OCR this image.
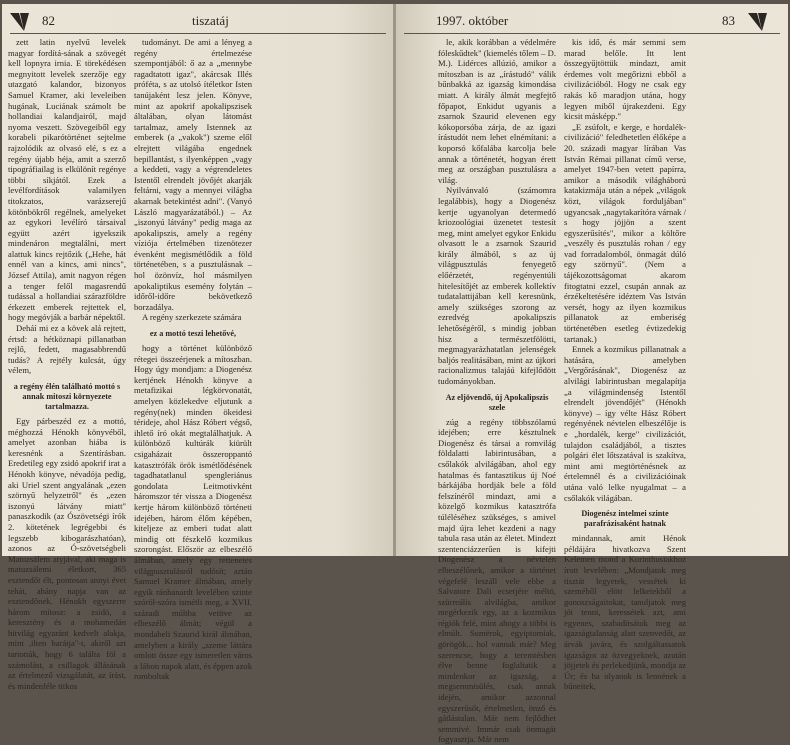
82	tiszatáj

zett latin nyelvű levelek magyar fordítá-sának a szövegét kell lopnyra irnia. E törekédésen megnyitott levelek szerzője egy utazgató kalandor, bizonyos Samuel Kramer, aki leveleiben hugának, Luciának számolt be hollandiai kalandjairól, majd nyoma veszett. Szövegeiből egy korabeli pikarótörténet sejtelme rajzolódik az olvasó elé, s ez a regény újabb héja, amit a szerző tipográfiailag is elkülönít regénye többi síkjától. Ezek a levélfordítások valamilyen titokzatos, varázserejű kötönbökről regélnek, amelyeket az egykori levélíró társaival együtt azért igyekszik mindenáron megtalálni, mert alattuk kincs rejtőzik („Hehe, hát ennél van a kincs, ami nincs", József Attila), amit nagyon régen a tenger felől magasrendű tudással a hollandiai szárazföldre érkezett emberek rejtettek el, hogy megóvják a barbár népektől.

Deháí mi ez a kövek alá rejtett, értsd: a hétköznapi pillanatban rejlő, fedett, magasabbrendű tudás? A rejtély kulcsát, úgy vélem,

a regény élén található mottó s annak mitoszi környezete tartalmazza.

Egy párbeszéd ez a mottó, méghozzá Hénokh könyvéből, amelyet azonban hiába is keresnénk a Szentírásban. Eredetileg egy zsidó apokrif irat a Hénokh könyve, névadója pedig, aki Uriel szent angyalának „ezen szörnyű helyzetről" és „ezen iszonyú látvány miatt" panaszkodik (az Ószövetségi írók 2. kötetének legrégebbi és legszebb kibogarászhatóan), azonos az Ó-szövetségbeli Matuzsálem atyjával, aki maga is matuzsálemi életkort, 365 esztendőt élt, pontosan annyi évet tehát, ahány napja van az esztendőnek. Hénokh egyszerre három mítosz: a zsidó, a keresztény és a mohamedán hitvilág egyaránt kedvelt alakja, mint ,ilten barátja"-t, akiről azt tartották, hogy 6 találta föl a számolást, a csillagok állásának az értelmező vizsgálatát, az írást, és mindenféle titkos

tudományt. De ami a lényeg a regény értelmezése szempontjából: ő az a „mennybe ragadtatott igaz", akárcsak Illés próféta, s az utolsó ítéletkor Isten tanújaként lesz jelen. Könyve, mint az apokrif apokalipszisek általában, olyan látomást tartalmaz, amely Istennek az emberek (a „vakok") szeme elől elrejtett világába engednek bepillantást, s ilyenképpen „vagy a keddeti, vagy a végrendeletes Istentől elrendelt jövőjét akarják feltárni, vagy a mennyei világba akarnak betekintést adni". (Vanyó László magyarázatából.) – Az „iszonyú látvány" pedig maga az apokalipszis, amely a regény víziója értelmében tizenötezer évenként megismétlődik a föld történetében, s a pusztulásnak – hol özönvíz, hol másmilyen apokaliptikus esemény folytán – időről-időre bekövetkező borzadálya.

A regény szerkezete számára

ez a mottó teszi lehetővé,

hogy a történet különböző rétegei összeérjenek a mítoszban. Hogy úgy mondjam: a Diogenész kertjének Hénokh könyve a metafizikai légkörvonatát, amelyen közlekedve eljutunk a regény(nek) minden ökeidesi térideje, ahol Hász Róbert végső, ihlető író okát megtalálhatjuk. A különböző kultúrák kiürült csigaházait összeroppantó katasztrófák örök ismétlődésének tagadhatatlanul spengleriánus gondolata Leitmotivként háromszor tér vissza a Diogenész kertje három különböző történeti idejében, három élőm képében, kiteljeze az emberi tudat alatt mindig ott fészkelő kozmikus szorongást. Először az elbeszélő álmában, amely egy rettenetes világpusztulásról tudósít; aztán Samuel Kramer álmában, amely egyik ránhanardt levelében szinte szóról-szóra ismétli meg, a XVII. századi múltba vetítve az elbeszélő álmát; végül a mondabeli Szaurid királ álmában, amelyben a király „szeme láttára omlott össze egy ismeretlen város a lábon napok alatt, és éppen azok romboltak

1997. október	83

le, akik korábban a védelmére fóleskűdtek" (kiemelés tőlem – D. M.). Lidérces allúzió, amikor a mítoszban is az „írástudó" válik bűnbakká az igazság kimondása miatt. A király álmát megfejtő főpapot, Enkidut ugyanis a zsarnok Szaurid elevenen egy kókoporsóba zárja, de az igazi írástudót nem lehet elnémítani: a koporsó kőfalába karcolja bele annak a történetét, hogyan érett meg az országban pusztulásra a világ.

Nyilvánvaló (számomra legalábbis), hogy a Diogenész kertje ugyanolyan determedó kriozoológiai üzenetet testesít meg, mint amelyet egykor Enkidu olvasott le a zsarnok Szaurid király álmából, s az új világpusztulás fenyegető előérzetét, regényentúli hitelesítőjét az emberek kollektív tudatalattijában kell keresnünk, amely szükséges szorong az ezredvég apokalipszis lehetőségéről, s mindig jobban hisz a természetfölötti, megmagyarázhatatlan jelenségek baljós realitásában, mint az újkori racionalizmus talajáú kifejlődött tudományokban.

Az eljövendő, új Apokalipszis szele

zúg a regény többszólamú idejében; erre késztulnek Diogenész és társai a romvilág földalatti labirintusában, a csőlakók alvilágában, ahol egy hatalmas és fantasztikus új Noé bárkájába hordják bele a föld felszínéről mindazt, ami a közelgő kozmikus katasztrófa túléléséhez szükséges, s amivel majd újra lehet kezdeni a nagy tabula rasa után az életet. Mindezt szentenciázzerűen is kifejti Diogenész a névtelen elbeszélőnek, amikor a történet végefelé leszáll vele ebbe a Salvatore Dali ecsetjére méltó, szürreális alvilágba, amikor megérkezik egy, az a kozmikus régiók felé, mint ahogy a többi is elmúlt. Sumérok, egyiptomiak, görögök... hol vannak már? Meg szerencse, hogy a teremtésben élve benne foglaltatik a mindenkor az igazság, a megsemmisülés, csak annak idején, amikor azzonnal egyszerűsőt, értelmetlen, önző és gátlástalan. Már nem fejlődhet semmivé. Immár csak önmagát fogyasztja. Már nem

kis idő, és már semmi sem marad belőle. Itt lent összegyűjtöttük mindazt, amit érdemes volt megőrizni ebből a civilizációból. Hogy ne csak egy rakás kő maradjon utána, hogy legyen miből újrakezdeni. Egy kicsit másképp."

„E zsúfolt, e kerge, e hordalék-civilizáció" feledhetetlen élőképe a 20. századi magyar lírában Vas István Rémai pillanat című verse, amelyet 1947-ben vetett papírra, amikor a második világháború katakizmája után a népek „világok közt, világok forduljában" ugyancsak „nagytakarítóra várnak / s hogy jöjjön a szent egyszerűsítés", mikor a költőre „veszély és pusztulás rohan / egy vad forradalomból, önmagát dúló egy szörnyű". (Nem a tájékozottságomat akarom fitogtatni ezzel, csupán annak az érzékeltetésére idéztem Vas István versét, hogy az ilyen kozmikus pillanatok az emberiség történetében esetleg évtizedekig tartanak.)

Ennek a kozmikus pillanatnak a hatására, amelyben „Vergőrásának", Diogenész az alvilági labirintusban megalapítja „a világmindenség Istentől elrendelt jövendőjét" (Hénokh könyve) – így vélte Hász Róbert regényének névtelen elbeszélője is e „hordalék, kerge" civilizációt, tulajdon családjából, a tisztes polgári élet lőtszatával is szakítva, mint ami megtörténésnek az értelemnél és a civilizációinak utána való lelke nyugalmat – a csőlakók világában.

Diogenész intelmei szinte parafrázisaként hatnak

mindannak, amit Hénok példájára hivatkozva Szent Kelemen mond a Korinthusiakhoz írott levelében: „Mondjatok meg tisztát legyetek, vessétek ki szeméből elött lelketekből a gonoszságaitokat, tanuljatok meg jót tenni, keressétek azt, ami egyenes, szabadítsátok meg az igazságtalanság alatt szenvedőt, az árvák javára, és szolgáltassatok igazságot az özvegyeknek, azután jöjjetek és perlekedjünk, mondja az Úr; és ha olyanok is lennének a bűneitek,
